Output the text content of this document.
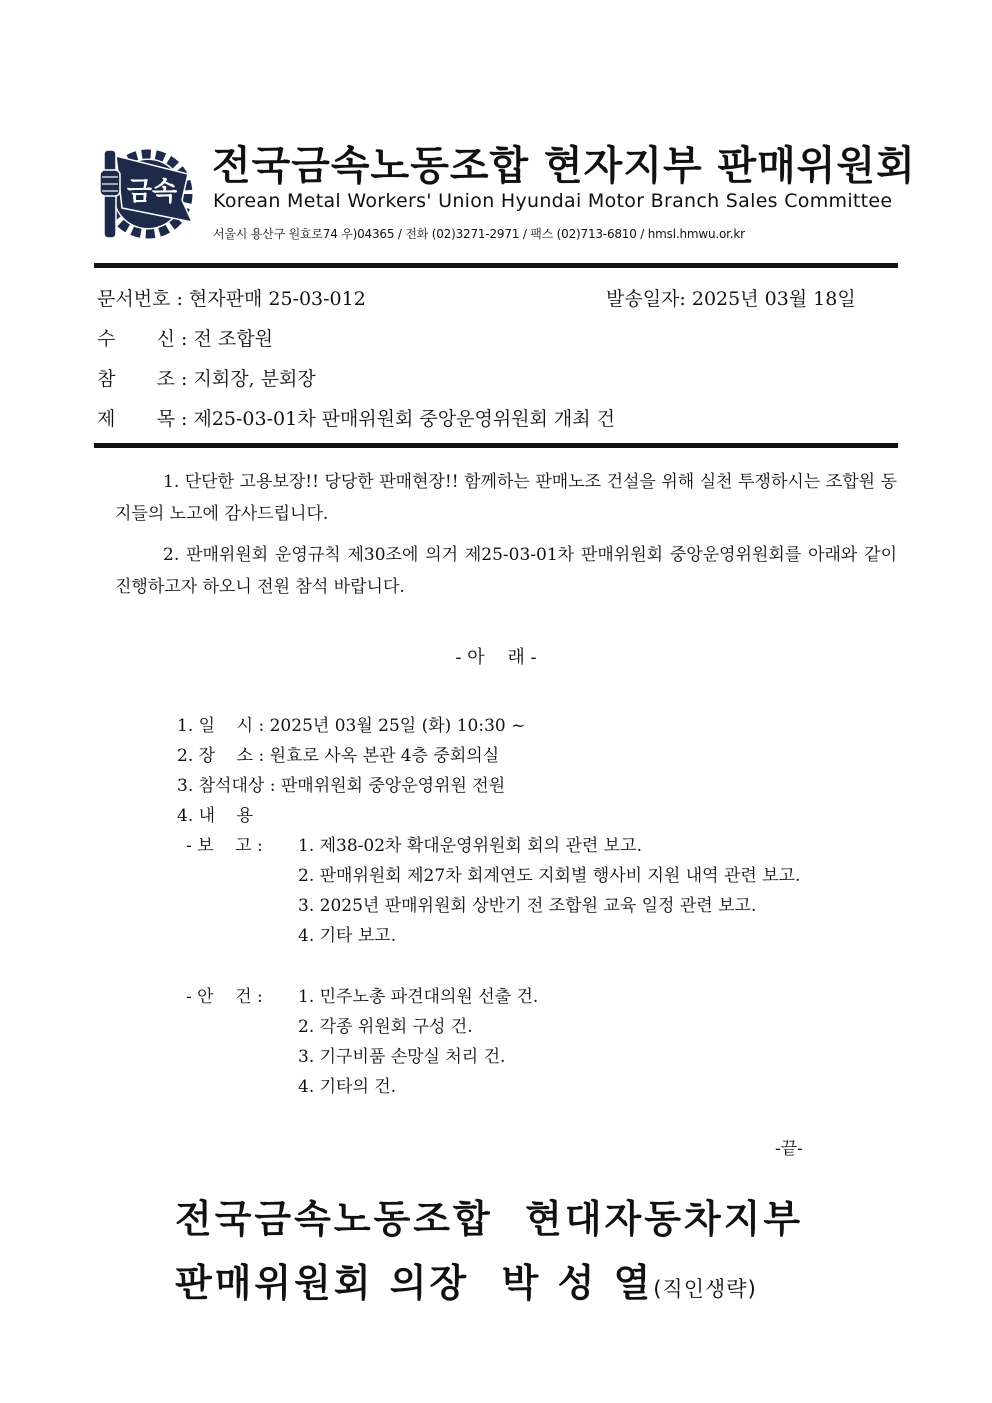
금속
전국금속노동조합 현자지부 판매위원회
Korean Metal Workers' Union Hyundai Motor Branch Sales Committee
서울시 용산구 원효로74 우)04365 / 전화 (02)3271-2971 / 팩스 (02)713-6810 / hmsl.hmwu.or.kr
문서번호 : 현자판매 25-03-012	발송일자: 2025년 03월 18일
수 신 : 전 조합원
참 조 : 지회장, 분회장
제 목 : 제25-03-01차 판매위원회 중앙운영위원회 개최 건
1. 단단한 고용보장!! 당당한 판매현장!! 함께하는 판매노조 건설을 위해 실천 투쟁하시는 조합원 동지들의 노고에 감사드립니다.
2. 판매위원회 운영규칙 제30조에 의거 제25-03-01차 판매위원회 중앙운영위원회를 아래와 같이 진행하고자 하오니 전원 참석 바랍니다.
- 아    래 -
1. 일    시 : 2025년 03월 25일 (화) 10:30 ~
2. 장    소 : 원효로 사옥 본관 4층 중회의실
3. 참석대상 : 판매위원회 중앙운영위원 전원
4. 내    용
- 보    고 : 1. 제38-02차 확대운영위원회 회의 관련 보고.
2. 판매위원회 제27차 회계연도 지회별 행사비 지원 내역 관련 보고.
3. 2025년 판매위원회 상반기 전 조합원 교육 일정 관련 보고.
4. 기타 보고.
- 안    건 : 1. 민주노총 파견대의원 선출 건.
2. 각종 위원회 구성 건.
3. 기구비품 손망실 처리 건.
4. 기타의 건.
-끝-
전국금속노동조합  현대자동차지부
판매위원회 의장  박 성 열(직인생략)
